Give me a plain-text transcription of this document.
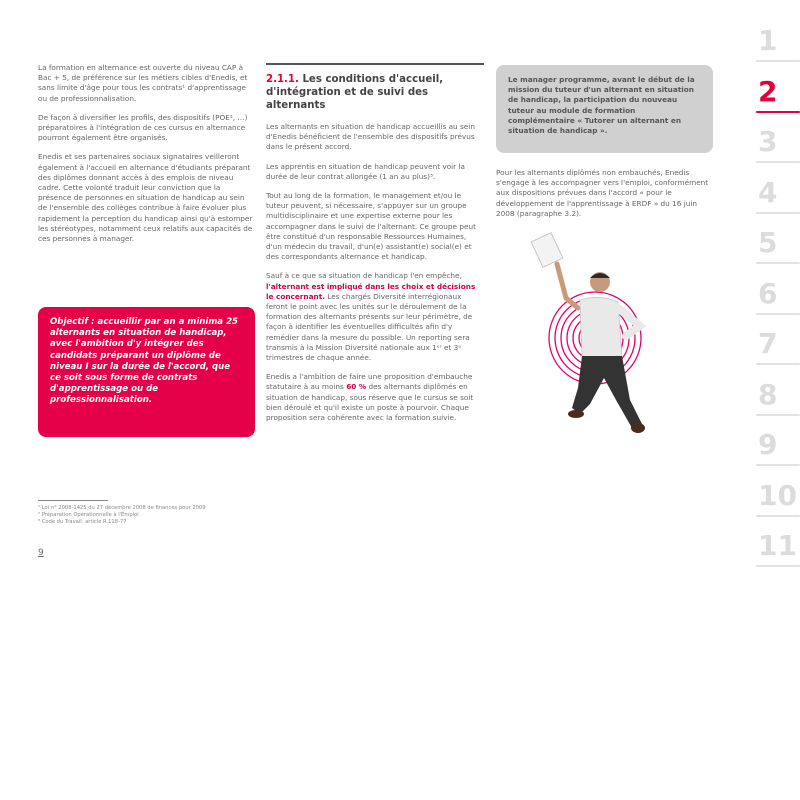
La formation en alternance est ouverte du niveau CAP à Bac + 5, de préférence sur les métiers cibles d'Enedis, et sans limite d'âge pour tous les contrats¹ d'apprentissage ou de professionnalisation.

De façon à diversifier les profils, des dispositifs (POE², …) préparatoires à l'intégration de ces cursus en alternance pourront également être organisés.

Enedis et ses partenaires sociaux signataires veilleront également à l'accueil en alternance d'étudiants préparant des diplômes donnant accès à des emplois de niveau cadre. Cette volonté traduit leur conviction que la présence de personnes en situation de handicap au sein de l'ensemble des collèges contribue à faire évoluer plus rapidement la perception du handicap ainsi qu'à estomper les stéréotypes, notamment ceux relatifs aux capacités de ces personnes à manager.

Objectif : accueillir par an a minima 25 alternants en situation de handicap, avec l'ambition d'y intégrer des candidats préparant un diplôme de niveau I sur la durée de l'accord, que ce soit sous forme de contrats d'apprentissage ou de professionnalisation.

¹ Loi n° 2008-1425 du 27 décembre 2008 de finances pour 2009

² Préparation Opérationnelle à l'Emploi

³ Code du Travail: article R.118-77

9
2.1.1. Les conditions d'accueil, d'intégration et de suivi des alternants

Les alternants en situation de handicap accueillis au sein d'Enedis bénéficient de l'ensemble des dispositifs prévus dans le présent accord.

Les apprentis en situation de handicap peuvent voir la durée de leur contrat allongée (1 an au plus)³.

Tout au long de la formation, le management et/ou le tuteur peuvent, si nécessaire, s'appuyer sur un groupe multidisciplinaire et une expertise externe pour les accompagner dans le suivi de l'alternant. Ce groupe peut être constitué d'un responsable Ressources Humaines, d'un médecin du travail, d'un(e) assistant(e) social(e) et des correspondants alternance et handicap.

Sauf à ce que sa situation de handicap l'en empêche, l'alternant est impliqué dans les choix et décisions le concernant. Les chargés Diversité interrégionaux feront le point avec les unités sur le déroulement de la formation des alternants présents sur leur périmètre, de façon à identifier les éventuelles difficultés afin d'y remédier dans la mesure du possible. Un reporting sera transmis à la Mission Diversité nationale aux 1ᵉʳ et 3ᵉ trimestres de chaque année.

Enedis a l'ambition de faire une proposition d'embauche statutaire à au moins 60 % des alternants diplômés en situation de handicap, sous réserve que le cursus se soit bien déroulé et qu'il existe un poste à pourvoir. Chaque proposition sera cohérente avec la formation suivie.

Le manager programme, avant le début de la mission du tuteur d'un alternant en situation de handicap, la participation du nouveau tuteur au module de formation complémentaire « Tutorer un alternant en situation de handicap ».

Pour les alternants diplômés non embauchés, Enedis s'engage à les accompagner vers l'emploi, conformément aux dispositions prévues dans l'accord « pour le développement de l'apprentissage à ERDF » du 16 juin 2008 (paragraphe 3.2).

1
2
3
4
5
6
7
8
9
10
11
